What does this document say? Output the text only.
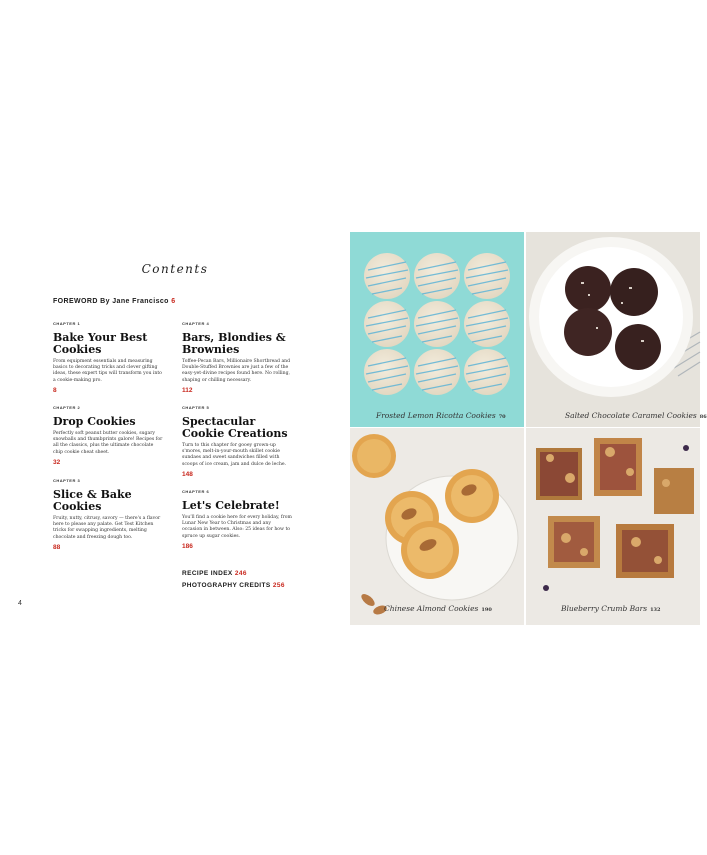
Contents
FOREWORD By Jane Francisco 6
CHAPTER 1
Bake Your Best Cookies
From equipment essentials and measuring basics to decorating tricks and clever gifting ideas, these expert tips will transform you into a cookie-making pro.
8
CHAPTER 2
Drop Cookies
Perfectly soft peanut butter cookies, sugary snowballs and thumbprints galore! Recipes for all the classics, plus the ultimate chocolate chip cookie cheat sheet.
32
CHAPTER 3
Slice & Bake Cookies
Fruity, nutty, citrusy, savory — there's a flavor here to please any palate. Get Test Kitchen tricks for swapping ingredients, melting chocolate and freezing dough too.
88
CHAPTER 4
Bars, Blondies & Brownies
Toffee-Pecan Bars, Millionaire Shortbread and Double-Stuffed Brownies are just a few of the easy-yet-divine recipes found here. No rolling, shaping or chilling necessary.
112
CHAPTER 5
Spectacular Cookie Creations
Turn to this chapter for gooey grown-up s'mores, melt-in-your-mouth skillet cookie sundaes and sweet sandwiches filled with scoops of ice cream, jam and dulce de leche.
148
CHAPTER 6
Let's Celebrate!
You'll find a cookie here for every holiday, from Lunar New Year to Christmas and any occasion in between. Also: 25 ideas for how to spruce up sugar cookies.
186
RECIPE INDEX 246
PHOTOGRAPHY CREDITS 256
4
Frosted Lemon Ricotta Cookies 70	Salted Chocolate Caramel Cookies 86
Chinese Almond Cookies 190	Blueberry Crumb Bars 132
